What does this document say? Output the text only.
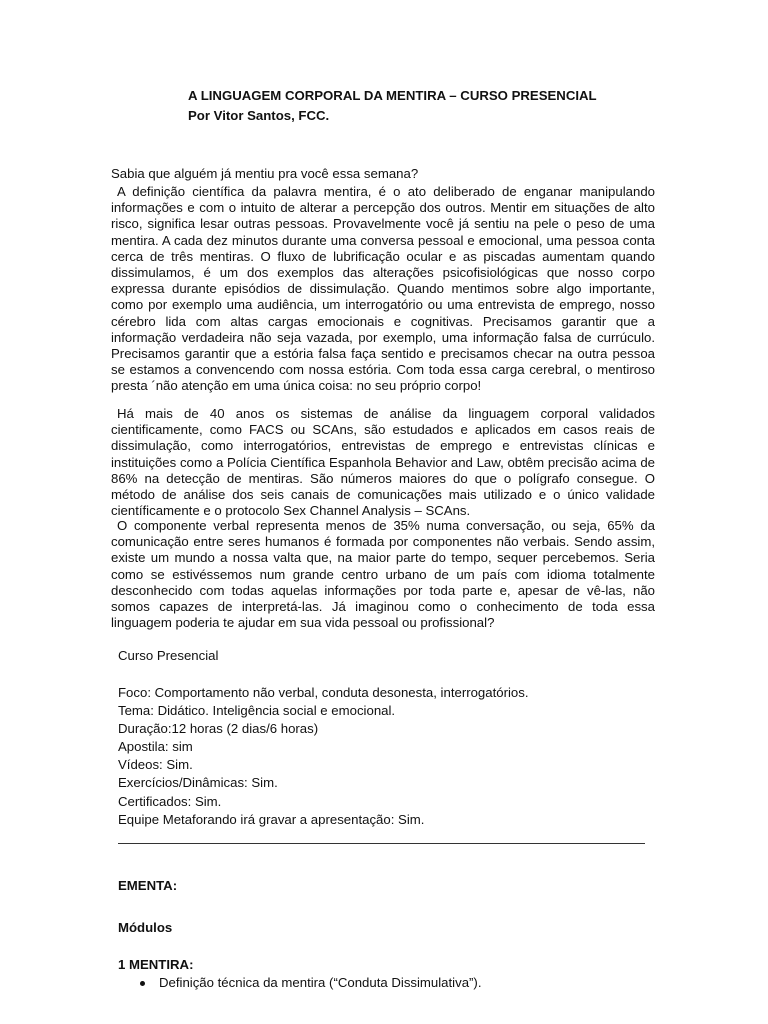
A LINGUAGEM CORPORAL DA MENTIRA – CURSO PRESENCIAL
Por Vitor Santos, FCC.
Sabia que alguém já mentiu pra você essa semana?
A definição científica da palavra mentira, é o ato deliberado de enganar manipulando informações e com o intuito de alterar a percepção dos outros. Mentir em situações de alto risco, significa lesar outras pessoas. Provavelmente você já sentiu na pele o peso de uma mentira. A cada dez minutos durante uma conversa pessoal e emocional, uma pessoa conta cerca de três mentiras. O fluxo de lubrificação ocular e as piscadas aumentam quando dissimulamos, é um dos exemplos das alterações psicofisiológicas que nosso corpo expressa durante episódios de dissimulação. Quando mentimos sobre algo importante, como por exemplo uma audiência, um interrogatório ou uma entrevista de emprego, nosso cérebro lida com altas cargas emocionais e cognitivas. Precisamos garantir que a informação verdadeira não seja vazada, por exemplo, uma informação falsa de currúculo. Precisamos garantir que a estória falsa faça sentido e precisamos checar na outra pessoa se estamos a convencendo com nossa estória. Com toda essa carga cerebral, o mentiroso presta ´não atenção em uma única coisa: no seu próprio corpo!
Há mais de 40 anos os sistemas de análise da linguagem corporal validados cientificamente, como FACS ou SCAns, são estudados e aplicados em casos reais de dissimulação, como interrogatórios, entrevistas de emprego e entrevistas clínicas e instituições como a Polícia Científica Espanhola Behavior and Law, obtêm precisão acima de 86% na detecção de mentiras. São números maiores do que o polígrafo consegue. O método de análise dos seis canais de comunicações mais utilizado e o único validade científicamente e o protocolo Sex Channel Analysis – SCAns.
O componente verbal representa menos de 35% numa conversação, ou seja, 65% da comunicação entre seres humanos é formada por componentes não verbais. Sendo assim, existe um mundo a nossa valta que, na maior parte do tempo, sequer percebemos. Seria como se estivéssemos num grande centro urbano de um país com idioma totalmente desconhecido com todas aquelas informações por toda parte e, apesar de vê-las, não somos capazes de interpretá-las. Já imaginou como o conhecimento de toda essa linguagem poderia te ajudar em sua vida pessoal ou profissional?
Curso Presencial
Foco: Comportamento não verbal, conduta desonesta, interrogatórios.
Tema: Didático. Inteligência social e emocional.
Duração:12 horas (2 dias/6 horas)
Apostila: sim
Vídeos: Sim.
Exercícios/Dinâmicas: Sim.
Certificados: Sim.
Equipe Metaforando irá gravar a apresentação: Sim.
EMENTA:
Módulos
1 MENTIRA:
Definição técnica da mentira (“Conduta Dissimulativa”).
